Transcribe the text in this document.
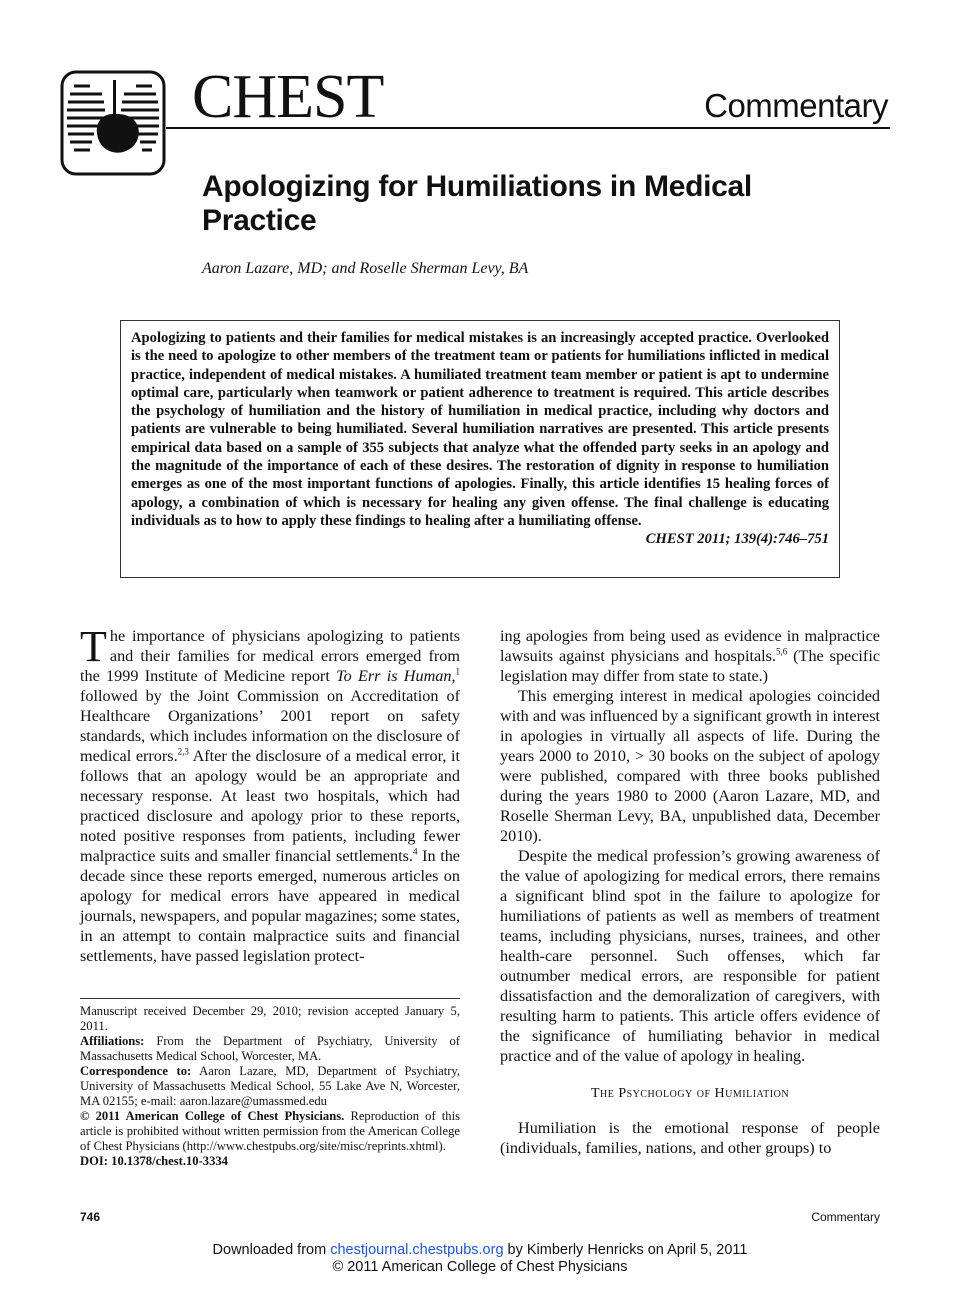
CHEST	Commentary
Apologizing for Humiliations in Medical Practice
Aaron Lazare, MD; and Roselle Sherman Levy, BA

Apologizing to patients and their families for medical mistakes is an increasingly accepted practice. Overlooked is the need to apologize to other members of the treatment team or patients for humiliations inflicted in medical practice, independent of medical mistakes. A humiliated treatment team member or patient is apt to undermine optimal care, particularly when teamwork or patient adherence to treatment is required. This article describes the psychology of humiliation and the history of humiliation in medical practice, including why doctors and patients are vulnerable to being humiliated. Several humiliation narratives are presented. This article presents empirical data based on a sample of 355 subjects that analyze what the offended party seeks in an apology and the magnitude of the importance of each of these desires. The restoration of dignity in response to humiliation emerges as one of the most important functions of apologies. Finally, this article identifies 15 healing forces of apology, a combination of which is necessary for healing any given offense. The final challenge is educating individuals as to how to apply these findings to healing after a humiliating offense.
CHEST 2011; 139(4):746–751

The importance of physicians apologizing to patients and their families for medical errors emerged from the 1999 Institute of Medicine report To Err is Human,$^1$ followed by the Joint Commission on Accreditation of Healthcare Organizations’ 2001 report on safety standards, which includes information on the disclosure of medical errors.$^{2,3}$ After the disclosure of a medical error, it follows that an apology would be an appropriate and necessary response. At least two hospitals, which had practiced disclosure and apology prior to these reports, noted positive responses from patients, including fewer malpractice suits and smaller financial settlements.$^4$ In the decade since these reports emerged, numerous articles on apology for medical errors have appeared in medical journals, newspapers, and popular magazines; some states, in an attempt to contain malpractice suits and financial settlements, have passed legislation protect-

Manuscript received December 29, 2010; revision accepted January 5, 2011.

Affiliations: From the Department of Psychiatry, University of Massachusetts Medical School, Worcester, MA.

Correspondence to: Aaron Lazare, MD, Department of Psychiatry, University of Massachusetts Medical School, 55 Lake Ave N, Worcester, MA 02155; e-mail: aaron.lazare@umassmed.edu

© 2011 American College of Chest Physicians. Reproduction of this article is prohibited without written permission from the American College of Chest Physicians (http://www.chestpubs.org/site/misc/reprints.xhtml).

DOI: 10.1378/chest.10-3334

ing apologies from being used as evidence in malpractice lawsuits against physicians and hospitals.$^{5,6}$ (The specific legislation may differ from state to state.)

This emerging interest in medical apologies coincided with and was influenced by a significant growth in interest in apologies in virtually all aspects of life. During the years 2000 to 2010, > 30 books on the subject of apology were published, compared with three books published during the years 1980 to 2000 (Aaron Lazare, MD, and Roselle Sherman Levy, BA, unpublished data, December 2010).

Despite the medical profession’s growing awareness of the value of apologizing for medical errors, there remains a significant blind spot in the failure to apologize for humiliations of patients as well as members of treatment teams, including physicians, nurses, trainees, and other health-care personnel. Such offenses, which far outnumber medical errors, are responsible for patient dissatisfaction and the demoralization of caregivers, with resulting harm to patients. This article offers evidence of the significance of humiliating behavior in medical practice and of the value of apology in healing.

The Psychology of Humiliation

Humiliation is the emotional response of people (individuals, families, nations, and other groups) to

746	Commentary
Downloaded from chestjournal.chestpubs.org by Kimberly Henricks on April 5, 2011
© 2011 American College of Chest Physicians
